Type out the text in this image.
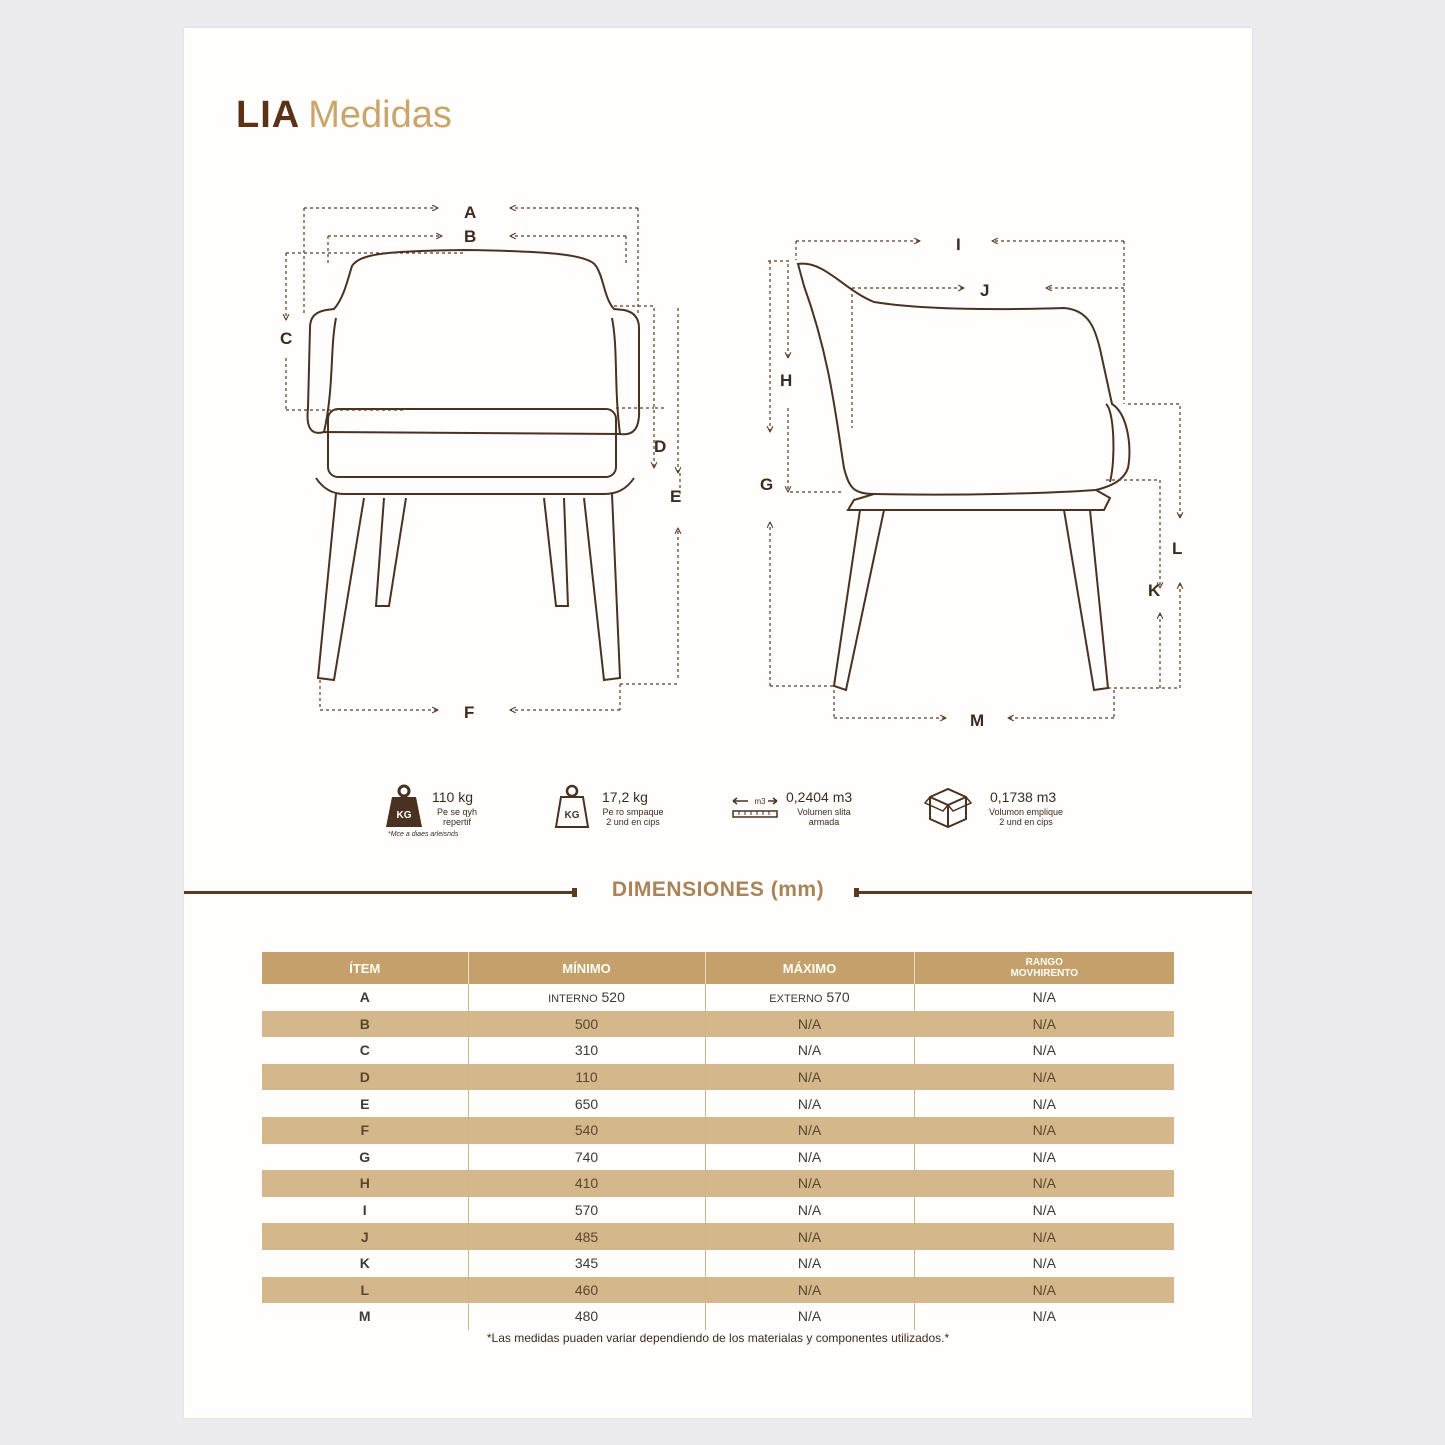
LIA Medidas
A
B
C
D
E
F
I
J
H
G
L
K
M
KG
110 kg
Pe se qyh
repertif
*Mce a diaes arleisnds
KG
17,2 kg
Pe ro smpaque
2 und en cips
m3 0,2404 m3
Volumen slita
armada
0,1738 m3
Volumon emplique
2 und en cips
DIMENSIONES (mm)
ÍTEM	MÍNIMO	MÁXIMO	RANGO
MOVHIRENTO

A	INTERNO 520	EXTERNO 570	N/A
B	500	N/A	N/A
C	310	N/A	N/A
D	110	N/A	N/A
E	650	N/A	N/A
F	540	N/A	N/A
G	740	N/A	N/A
H	410	N/A	N/A
I	570	N/A	N/A
J	485	N/A	N/A
K	345	N/A	N/A
L	460	N/A	N/A
M	480	N/A	N/A
*Las medidas puaden variar dependiendo de los materialas y componentes utilizados.*
